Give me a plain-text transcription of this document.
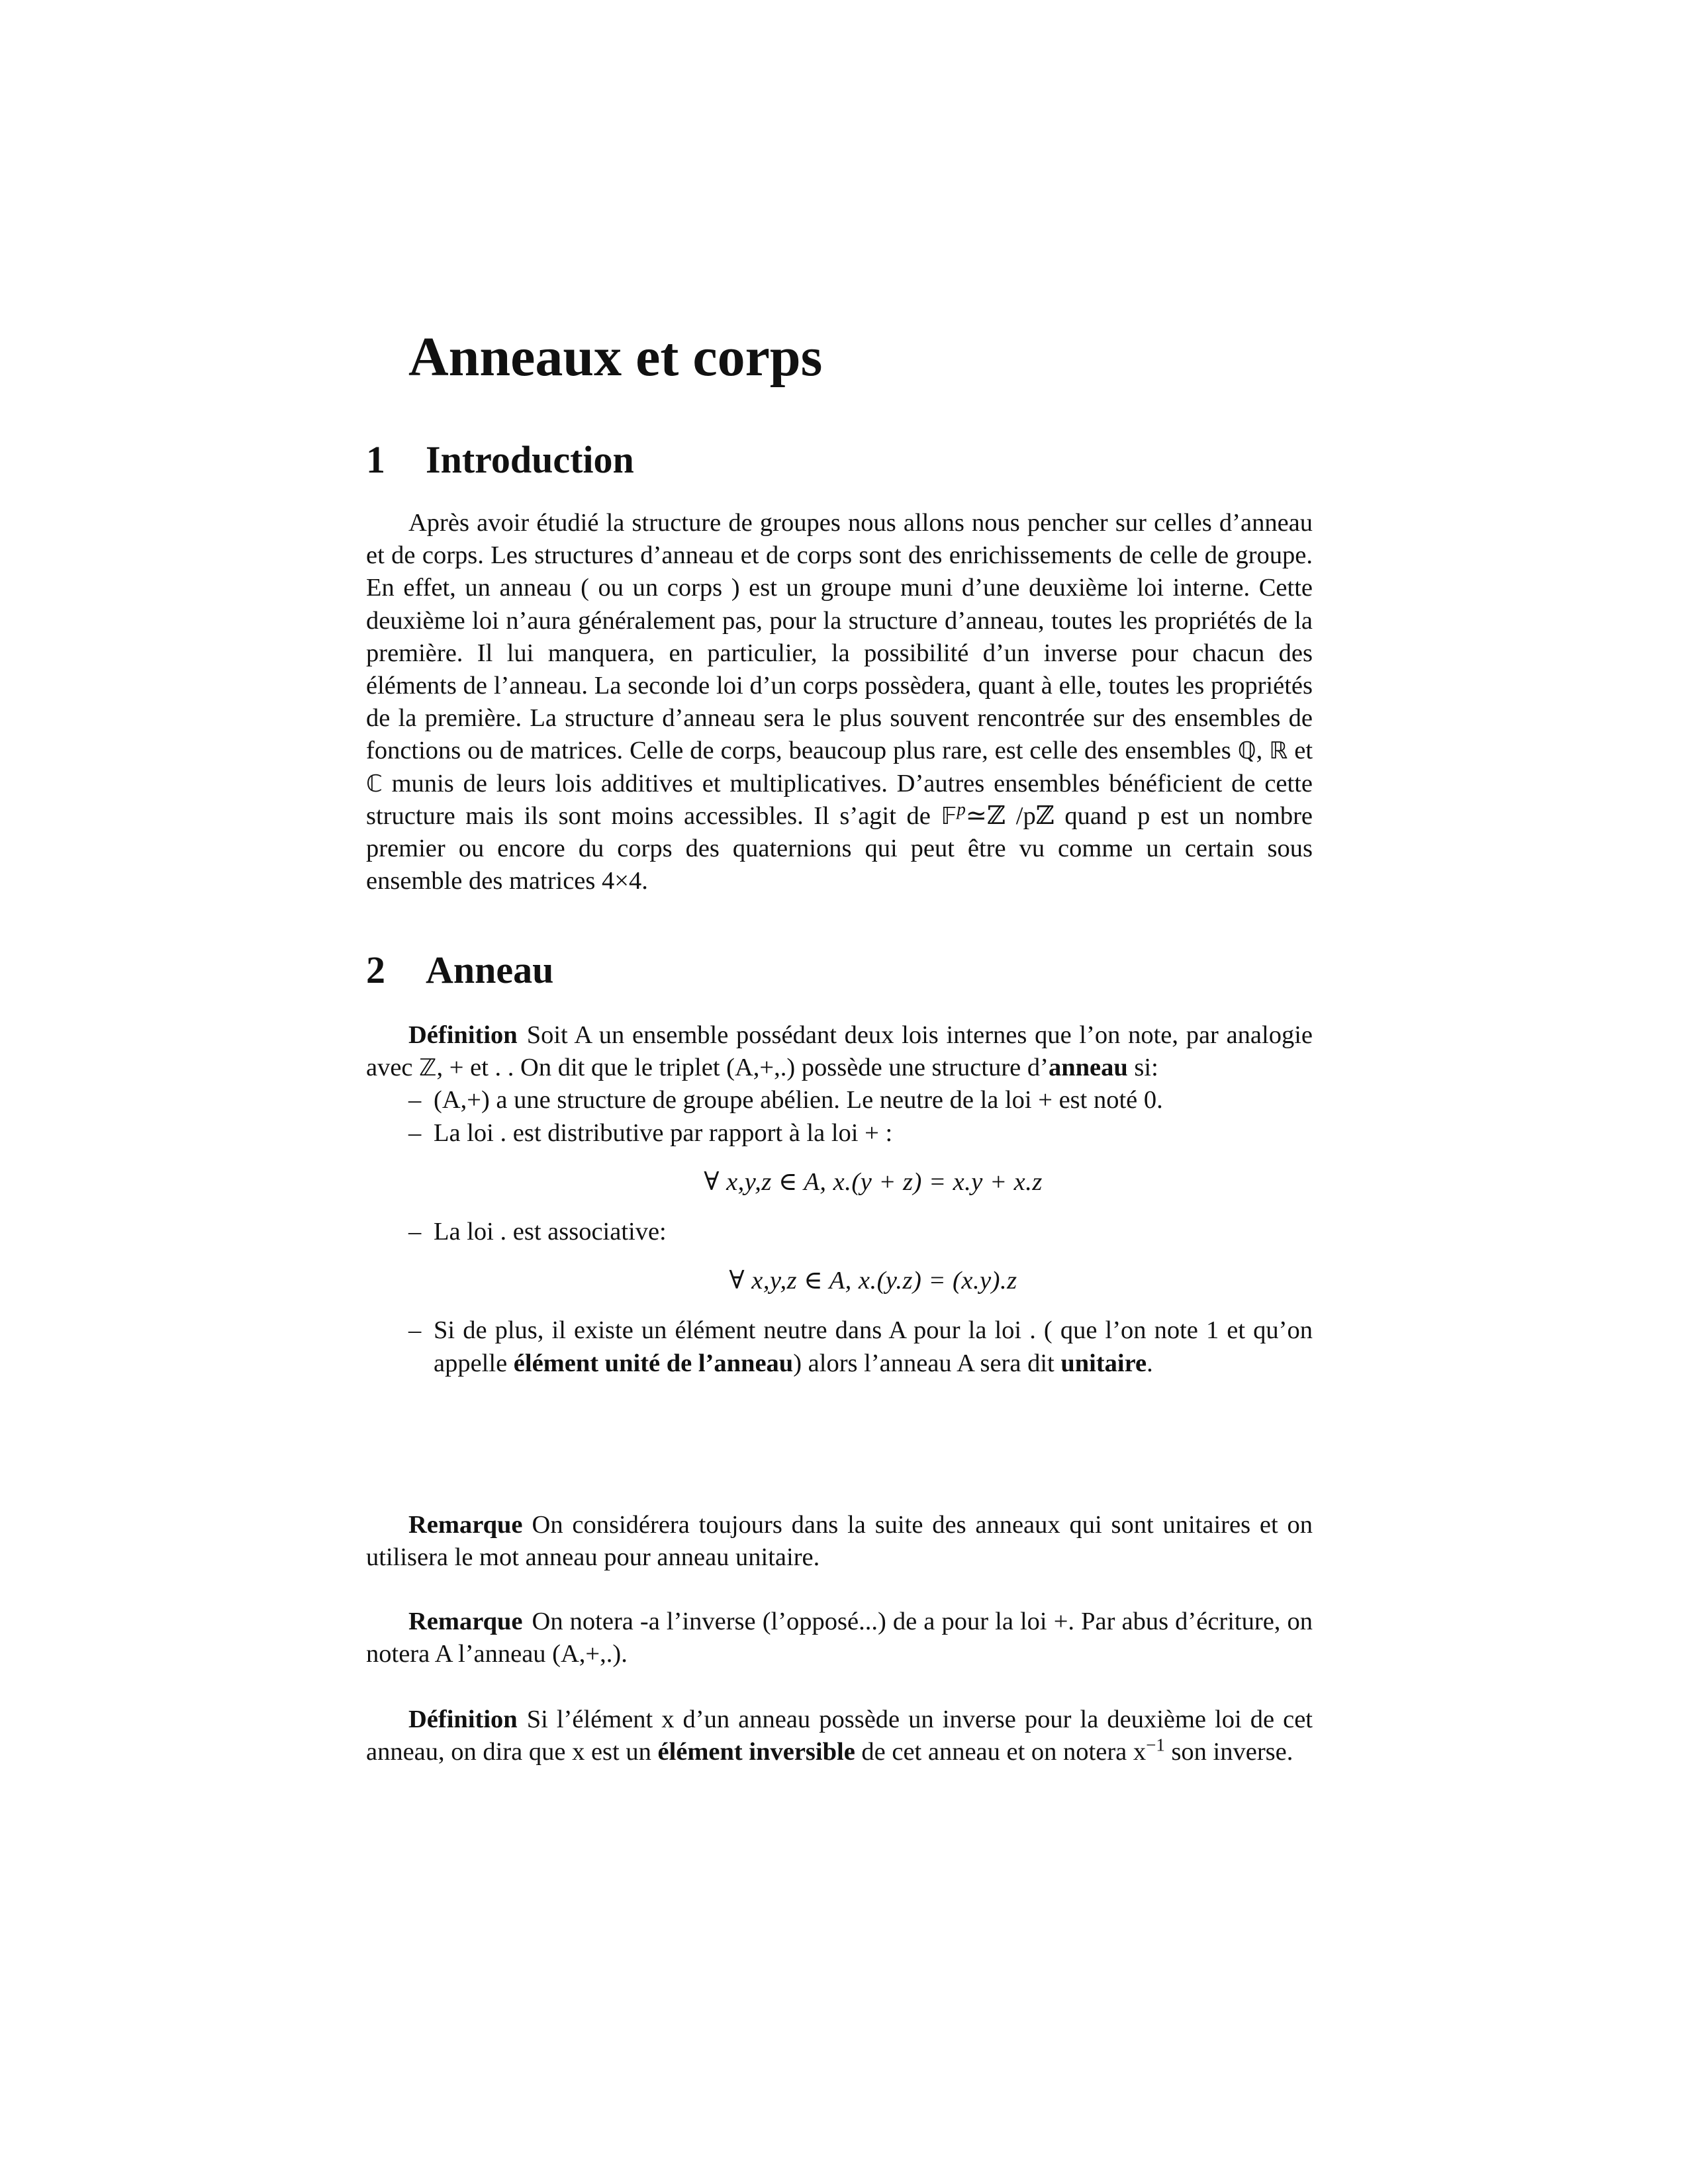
Anneaux et corps
1 Introduction

Après avoir étudié la structure de groupes nous allons nous pencher sur celles d’anneau et de corps. Les structures d’anneau et de corps sont des enrichissements de celle de groupe. En effet, un anneau ( ou un corps ) est un groupe muni d’une deuxième loi interne. Cette deuxième loi n’aura généralement pas, pour la structure d’anneau, toutes les propriétés de la première. Il lui manquera, en particulier, la possibilité d’un inverse pour chacun des éléments de l’anneau. La seconde loi d’un corps possèdera, quant à elle, toutes les propriétés de la première. La structure d’anneau sera le plus souvent rencontrée sur des ensembles de fonctions ou de matrices. Celle de corps, beaucoup plus rare, est celle des ensembles ℚ, ℝ et ℂ munis de leurs lois additives et multiplicatives. D’autres ensembles bénéficient de cette structure mais ils sont moins accessibles. Il s’agit de 𝔽$^p$≃ℤ /pℤ quand p est un nombre premier ou encore du corps des quaternions qui peut être vu comme un certain sous ensemble des matrices 4×4.

2 Anneau

Définition Soit A un ensemble possédant deux lois internes que l’on note, par analogie avec ℤ, + et . . On dit que le triplet (A,+,.) possède une structure d’anneau si:

– (A,+) a une structure de groupe abélien. Le neutre de la loi + est noté 0.
– La loi . est distributive par rapport à la loi + :
∀ x,y,z ∈ A, x.(y + z) = x.y + x.z
– La loi . est associative:
∀ x,y,z ∈ A, x.(y.z) = (x.y).z
– Si de plus, il existe un élément neutre dans A pour la loi . ( que l’on note 1 et qu’on appelle élément unité de l’anneau) alors l’anneau A sera dit unitaire.

Remarque On considérera toujours dans la suite des anneaux qui sont unitaires et on utilisera le mot anneau pour anneau unitaire.

Remarque On notera -a l’inverse (l’opposé...) de a pour la loi +. Par abus d’écriture, on notera A l’anneau (A,+,.).

Définition Si l’élément x d’un anneau possède un inverse pour la deuxième loi de cet anneau, on dira que x est un élément inversible de cet anneau et on notera $x^{-1}$ son inverse.
